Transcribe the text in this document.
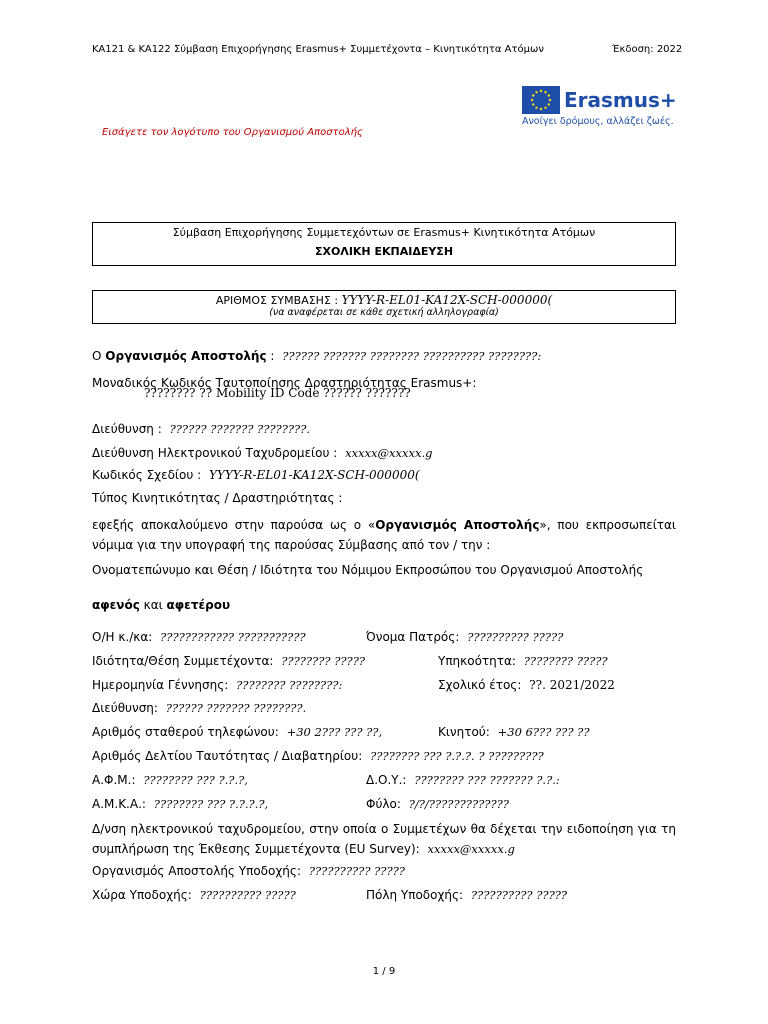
KA121 & KA122 Σύμβαση Επιχορήγησης Erasmus+ Συμμετέχοντα – Κινητικότητα Ατόμων	Έκδοση: 2022
Erasmus+
Ανοίγει δρόμους, αλλάζει ζωές.
Εισάγετε τον λογότυπο του Οργανισμού Αποστολής
Σύμβαση Επιχορήγησης Συμμετεχόντων σε Erasmus+ Κινητικότητα Ατόμων
ΣΧΟΛΙΚΗ ΕΚΠΑΙΔΕΥΣΗ
ΑΡΙΘΜΟΣ ΣΥΜΒΑΣΗΣ : YYYY-R-EL01-KA12X-SCH-000000(
(να αναφέρεται σε κάθε σχετική αλληλογραφία)
Ο Οργανισμός Αποστολής : ?????? ??????? ???????? ?????????? ????????:
Μοναδικός Κωδικός Ταυτοποίησης Δραστηριότητας Erasmus+:
???????? ?? Mobility ID Code ?????? ???????
Διεύθυνση : ?????? ??????? ????????.
Διεύθυνση Ηλεκτρονικού Ταχυδρομείου : xxxxx@xxxxx.g
Κωδικός Σχεδίου : YYYY-R-EL01-KA12X-SCH-000000(
Τύπος Κινητικότητας / Δραστηριότητας :
εφεξής αποκαλούμενο στην παρούσα ως ο «Οργανισμός Αποστολής», που εκπροσωπείται νόμιμα για την υπογραφή της παρούσας Σύμβασης από τον / την :
Ονοματεπώνυμο και Θέση / Ιδιότητα του Νόμιμου Εκπροσώπου του Οργανισμού Αποστολής
αφενός και αφετέρου
Ο/Η κ./κα: ???????????? ???????????	Όνομα Πατρός: ?????????? ?????
Ιδιότητα/Θέση Συμμετέχοντα: ???????? ?????	Υπηκοότητα: ???????? ?????
Ημερομηνία Γέννησης: ???????? ????????:	Σχολικό έτος: ??. 2021/2022
Διεύθυνση: ?????? ??????? ????????.
Αριθμός σταθερού τηλεφώνου: +30 2??? ??? ??,	Κινητού: +30 6??? ??? ??
Αριθμός Δελτίου Ταυτότητας / Διαβατηρίου: ???????? ??? ?.?.?. ? ?????????
Α.Φ.Μ.: ???????? ??? ?.?.?,	Δ.Ο.Υ.: ???????? ??? ??????? ?.?.:
Α.Μ.Κ.Α.: ???????? ??? ?.?.?.?,	Φύλο: ?/?/?????????????
Δ/νση ηλεκτρονικού ταχυδρομείου, στην οποία ο Συμμετέχων θα δέχεται την ειδοποίηση για τη συμπλήρωση της Έκθεσης Συμμετέχοντα (EU Survey): xxxxx@xxxxx.g
Οργανισμός Αποστολής Υποδοχής: ?????????? ?????
Χώρα Υποδοχής: ?????????? ?????	Πόλη Υποδοχής: ?????????? ?????
1 / 9
